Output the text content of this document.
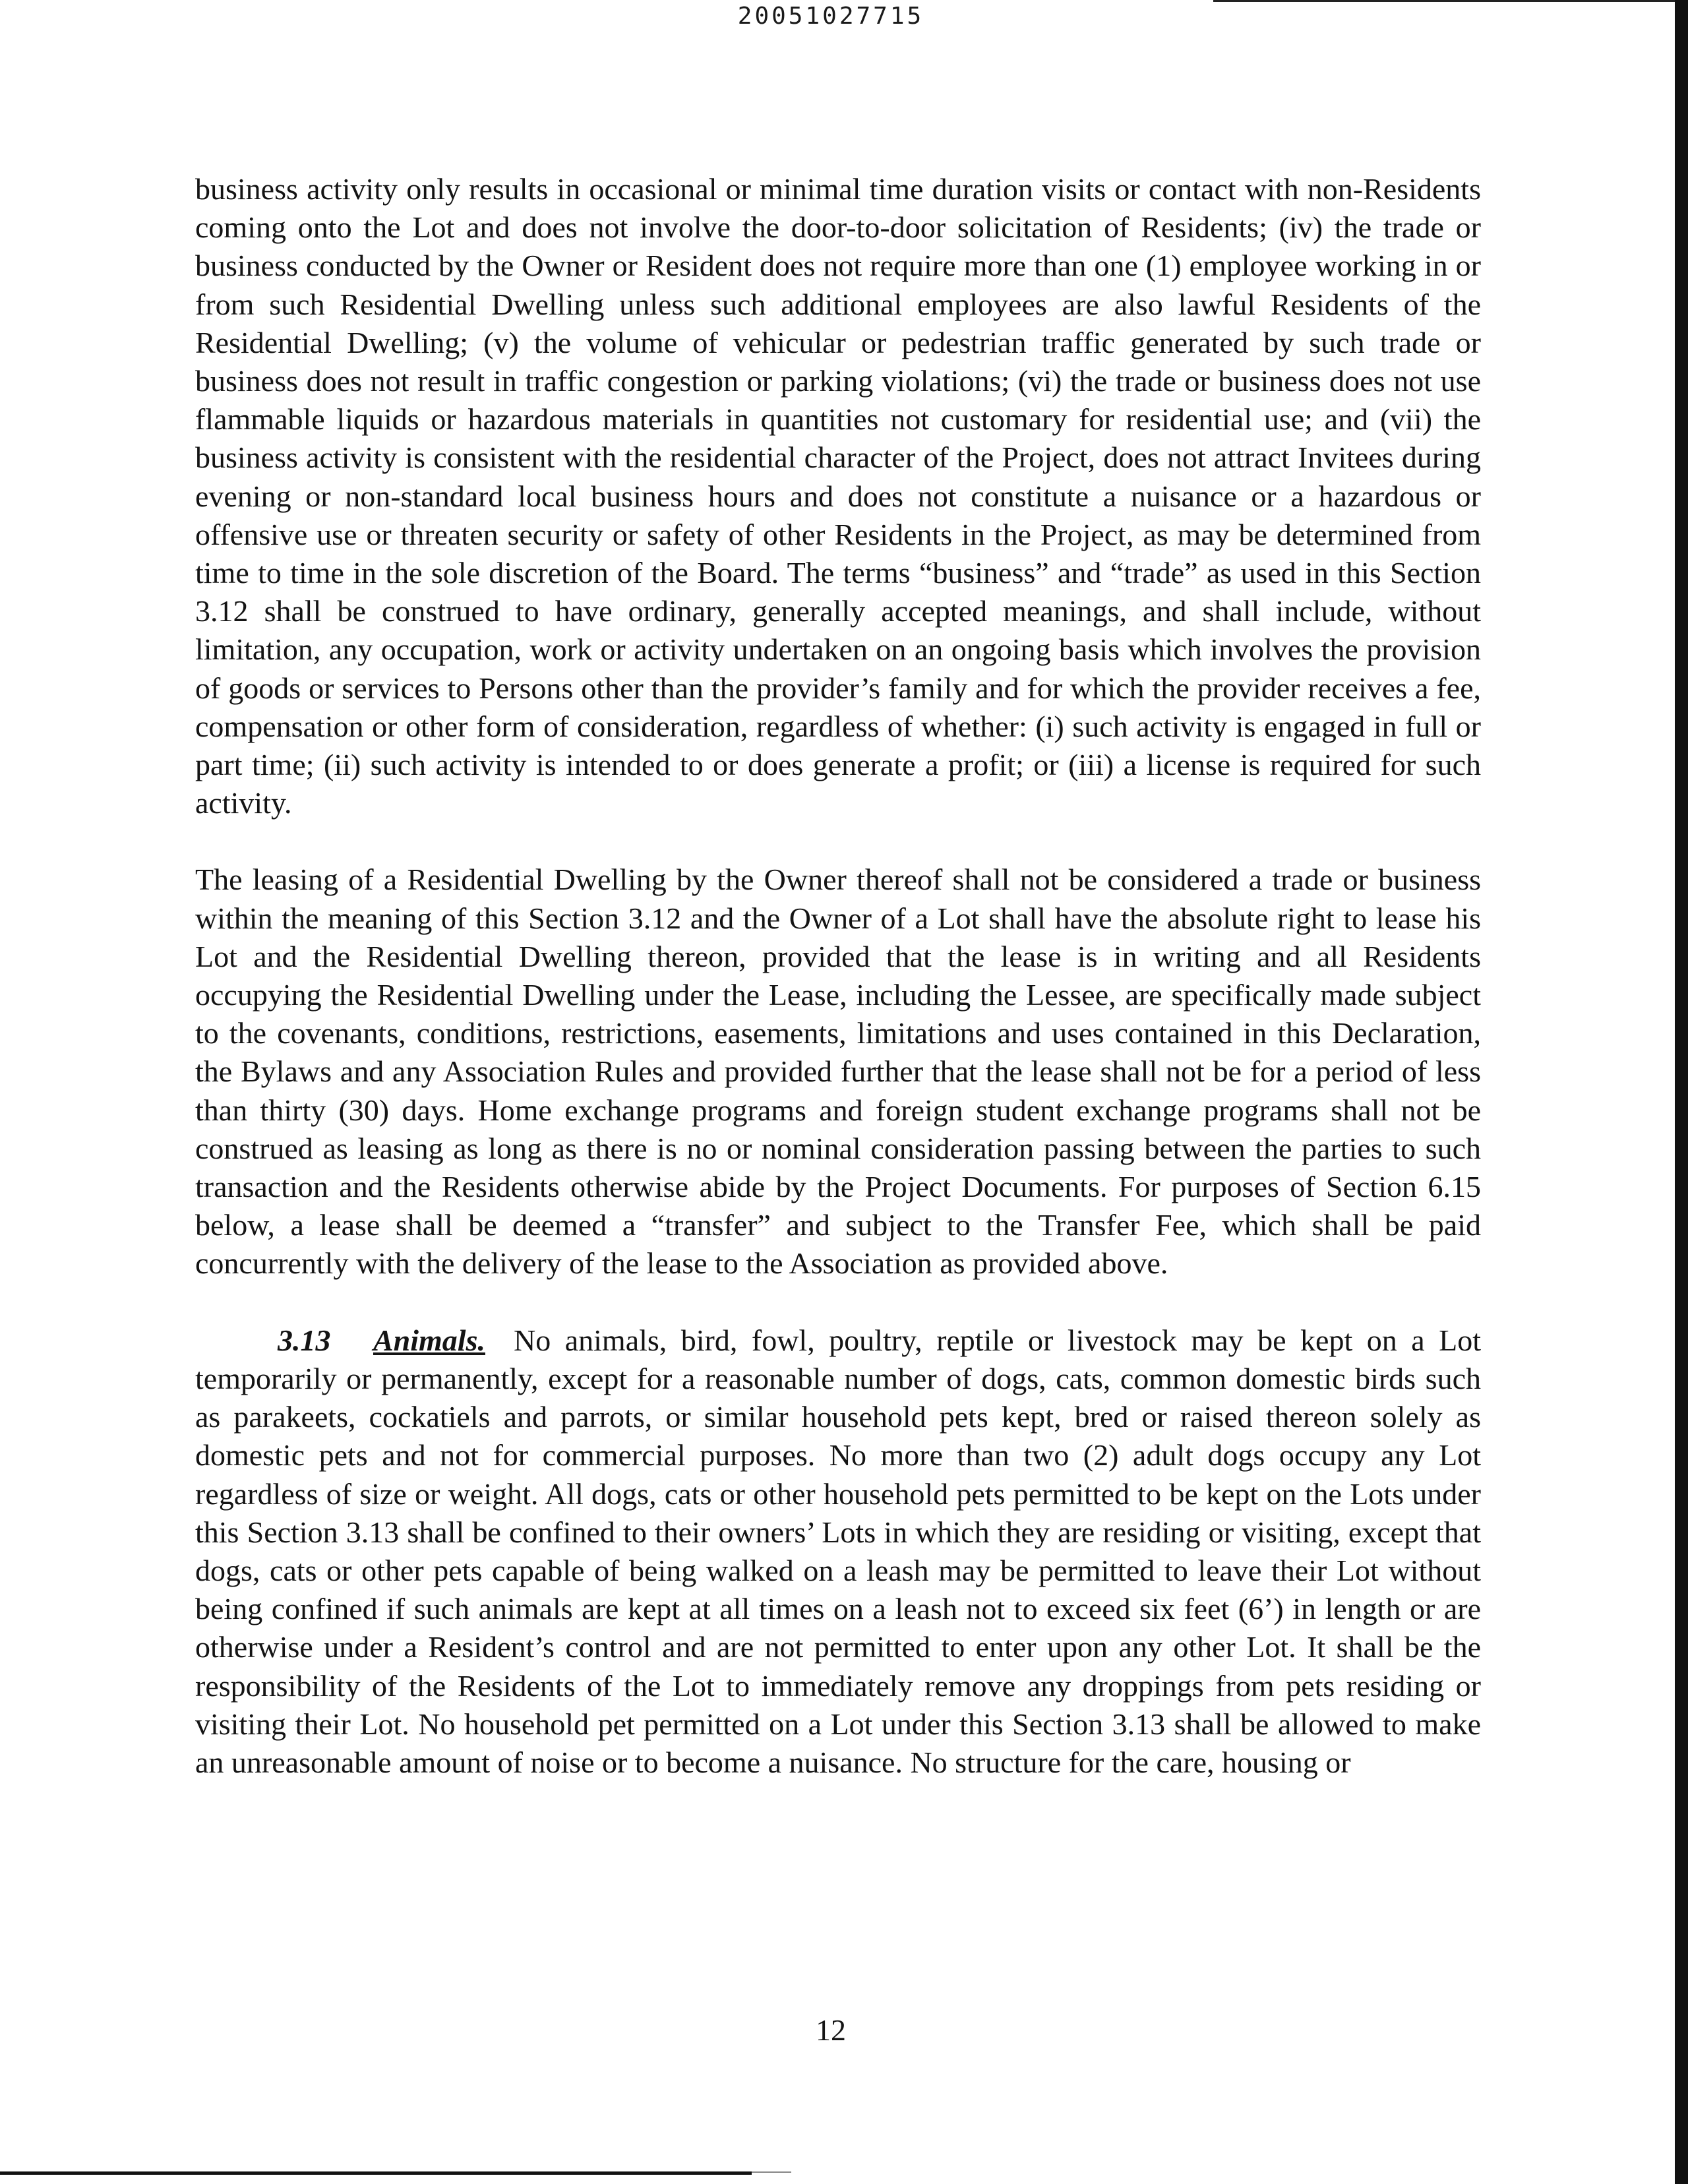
20051027715

business activity only results in occasional or minimal time duration visits or contact with non-Residents coming onto the Lot and does not involve the door-to-door solicitation of Residents; (iv) the trade or business conducted by the Owner or Resident does not require more than one (1) employee working in or from such Residential Dwelling unless such additional employees are also lawful Residents of the Residential Dwelling; (v) the volume of vehicular or pedestrian traffic generated by such trade or business does not result in traffic congestion or parking violations; (vi) the trade or business does not use flammable liquids or hazardous materials in quantities not customary for residential use; and (vii) the business activity is consistent with the residential character of the Project, does not attract Invitees during evening or non-standard local business hours and does not constitute a nuisance or a hazardous or offensive use or threaten security or safety of other Residents in the Project, as may be determined from time to time in the sole discretion of the Board. The terms “business” and “trade” as used in this Section 3.12 shall be construed to have ordinary, generally accepted meanings, and shall include, without limitation, any occupation, work or activity undertaken on an ongoing basis which involves the provision of goods or services to Persons other than the provider’s family and for which the provider receives a fee, compensation or other form of consideration, regardless of whether: (i) such activity is engaged in full or part time; (ii) such activity is intended to or does generate a profit; or (iii) a license is required for such activity.

The leasing of a Residential Dwelling by the Owner thereof shall not be considered a trade or business within the meaning of this Section 3.12 and the Owner of a Lot shall have the absolute right to lease his Lot and the Residential Dwelling thereon, provided that the lease is in writing and all Residents occupying the Residential Dwelling under the Lease, including the Lessee, are specifically made subject to the covenants, conditions, restrictions, easements, limitations and uses contained in this Declaration, the Bylaws and any Association Rules and provided further that the lease shall not be for a period of less than thirty (30) days. Home exchange programs and foreign student exchange programs shall not be construed as leasing as long as there is no or nominal consideration passing between the parties to such transaction and the Residents otherwise abide by the Project Documents. For purposes of Section 6.15 below, a lease shall be deemed a “transfer” and subject to the Transfer Fee, which shall be paid concurrently with the delivery of the lease to the Association as provided above.

3.13 Animals. No animals, bird, fowl, poultry, reptile or livestock may be kept on a Lot temporarily or permanently, except for a reasonable number of dogs, cats, common domestic birds such as parakeets, cockatiels and parrots, or similar household pets kept, bred or raised thereon solely as domestic pets and not for commercial purposes. No more than two (2) adult dogs occupy any Lot regardless of size or weight. All dogs, cats or other household pets permitted to be kept on the Lots under this Section 3.13 shall be confined to their owners’ Lots in which they are residing or visiting, except that dogs, cats or other pets capable of being walked on a leash may be permitted to leave their Lot without being confined if such animals are kept at all times on a leash not to exceed six feet (6’) in length or are otherwise under a Resident’s control and are not permitted to enter upon any other Lot. It shall be the responsibility of the Residents of the Lot to immediately remove any droppings from pets residing or visiting their Lot. No household pet permitted on a Lot under this Section 3.13 shall be allowed to make an unreasonable amount of noise or to become a nuisance. No structure for the care, housing or

12
